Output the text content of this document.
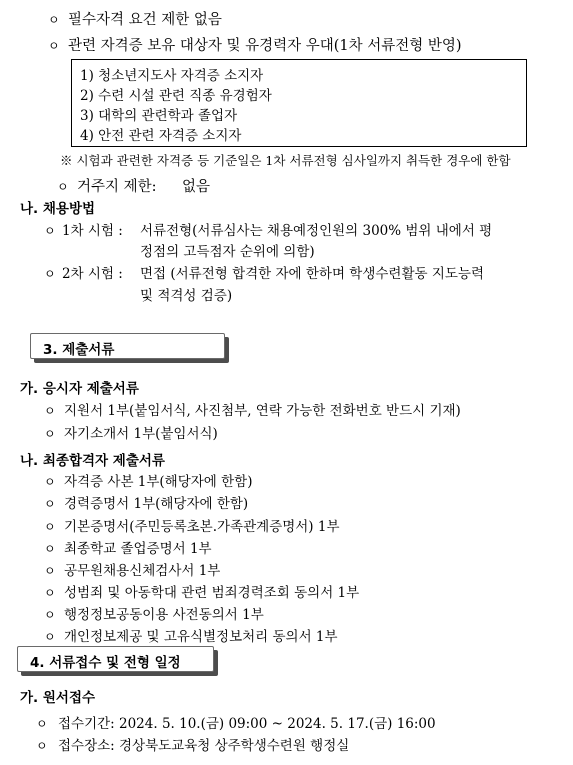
ㅇ 필수자격 요건 제한 없음
ㅇ 관련 자격증 보유 대상자 및 유경력자 우대(1차 서류전형 반영)
1) 청소년지도사 자격증 소지자
2) 수련 시설 관련 직종 유경험자
3) 대학의 관련학과 졸업자
4) 안전 관련 자격증 소지자
※ 시험과 관련한 자격증 등 기준일은 1차 서류전형 심사일까지 취득한 경우에 한함
ㅇ 거주지 제한: 없음
나. 채용방법
ㅇ 1차 시험 : 서류전형(서류심사는 채용예정인원의 300% 범위 내에서 평
정점의 고득점자 순위에 의함)
ㅇ 2차 시험 : 면접 (서류전형 합격한 자에 한하며 학생수련활동 지도능력
및 적격성 검증)
3. 제출서류
가. 응시자 제출서류
ㅇ 지원서 1부(붙임서식, 사진첨부, 연락 가능한 전화번호 반드시 기재)
ㅇ 자기소개서 1부(붙임서식)
나. 최종합격자 제출서류
ㅇ 자격증 사본 1부(해당자에 한함)
ㅇ 경력증명서 1부(해당자에 한함)
ㅇ 기본증명서(주민등록초본.가족관계증명서) 1부
ㅇ 최종학교 졸업증명서 1부
ㅇ 공무원채용신체검사서 1부
ㅇ 성범죄 및 아동학대 관련 범죄경력조회 동의서 1부
ㅇ 행정정보공동이용 사전동의서 1부
ㅇ 개인정보제공 및 고유식별정보처리 동의서 1부
4. 서류접수 및 전형 일정
가. 원서접수
ㅇ 접수기간: 2024. 5. 10.(금) 09:00 ~ 2024. 5. 17.(금) 16:00
ㅇ 접수장소: 경상북도교육청 상주학생수련원 행정실
